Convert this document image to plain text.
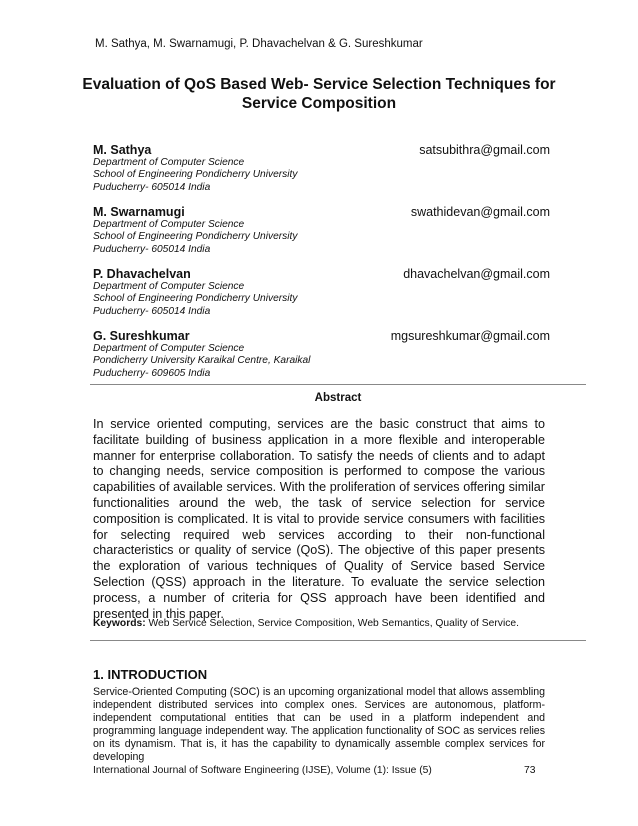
M. Sathya, M. Swarnamugi, P. Dhavachelvan & G. Sureshkumar
Evaluation of QoS Based Web- Service Selection Techniques for
Service Composition
M. Sathya	satsubithra@gmail.com
Department of Computer Science
School of Engineering Pondicherry University
Puducherry- 605014 India
M. Swarnamugi	swathidevan@gmail.com
Department of Computer Science
School of Engineering Pondicherry University
Puducherry- 605014 India
P. Dhavachelvan	dhavachelvan@gmail.com
Department of Computer Science
School of Engineering Pondicherry University
Puducherry- 605014 India
G. Sureshkumar	mgsureshkumar@gmail.com
Department of Computer Science
Pondicherry University Karaikal Centre, Karaikal
Puducherry- 609605 India
Abstract
In service oriented computing, services are the basic construct that aims to facilitate building of business application in a more flexible and interoperable manner for enterprise collaboration. To satisfy the needs of clients and to adapt to changing needs, service composition is performed to compose the various capabilities of available services. With the proliferation of services offering similar functionalities around the web, the task of service selection for service composition is complicated. It is vital to provide service consumers with facilities for selecting required web services according to their non-functional characteristics or quality of service (QoS). The objective of this paper presents the exploration of various techniques of Quality of Service based Service Selection (QSS) approach in the literature. To evaluate the service selection process, a number of criteria for QSS approach have been identified and presented in this paper.
Keywords: Web Service Selection, Service Composition, Web Semantics, Quality of Service.
1. INTRODUCTION
Service-Oriented Computing (SOC) is an upcoming organizational model that allows assembling independent distributed services into complex ones. Services are autonomous, platform-independent computational entities that can be used in a platform independent and programming language independent way. The application functionality of SOC as services relies on its dynamism. That is, it has the capability to dynamically assemble complex services for developing
International Journal of Software Engineering (IJSE), Volume (1): Issue (5)	73
